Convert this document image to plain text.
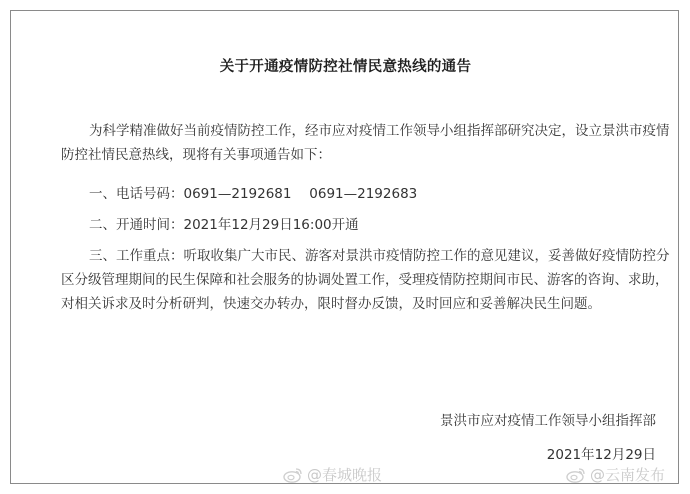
关于开通疫情防控社情民意热线的通告
为科学精准做好当前疫情防控工作，经市应对疫情工作领导小组指挥部研究决定，设立景洪市疫情防控社情民意热线，现将有关事项通告如下：
一、电话号码：0691—2192681　 0691—2192683
二、开通时间：2021年12月29日16:00开通
三、工作重点：听取收集广大市民、游客对景洪市疫情防控工作的意见建议，妥善做好疫情防控分区分级管理期间的民生保障和社会服务的协调处置工作，受理疫情防控期间市民、游客的咨询、求助，对相关诉求及时分析研判，快速交办转办，限时督办反馈，及时回应和妥善解决民生问题。
景洪市应对疫情工作领导小组指挥部
2021年12月29日
@春城晚报	@云南发布
